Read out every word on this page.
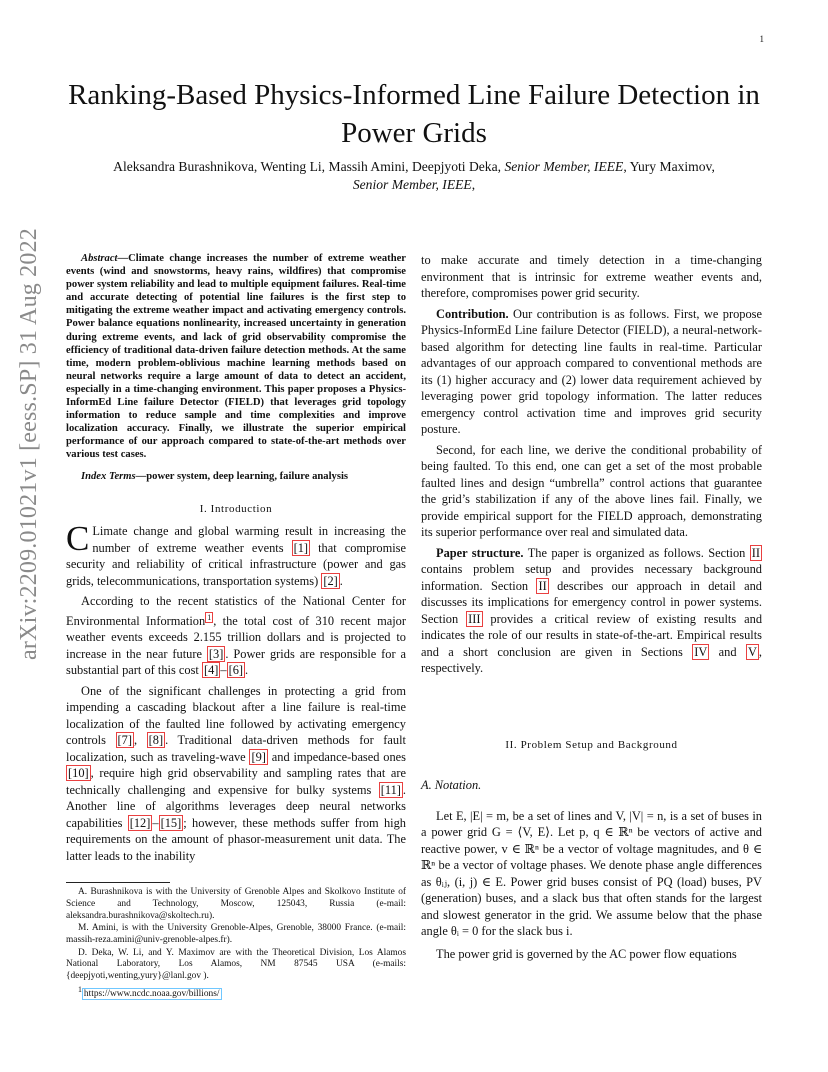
1
arXiv:2209.01021v1 [eess.SP] 31 Aug 2022
Ranking-Based Physics-Informed Line Failure Detection in Power Grids
Aleksandra Burashnikova, Wenting Li, Massih Amini, Deepjyoti Deka, Senior Member, IEEE, Yury Maximov,
Senior Member, IEEE,

Abstract—Climate change increases the number of extreme weather events (wind and snowstorms, heavy rains, wildfires) that compromise power system reliability and lead to multiple equipment failures. Real-time and accurate detecting of potential line failures is the first step to mitigating the extreme weather impact and activating emergency controls. Power balance equations nonlinearity, increased uncertainty in generation during extreme events, and lack of grid observability compromise the efficiency of traditional data-driven failure detection methods. At the same time, modern problem-oblivious machine learning methods based on neural networks require a large amount of data to detect an accident, especially in a time-changing environment. This paper proposes a Physics-InformEd Line failure Detector (FIELD) that leverages grid topology information to reduce sample and time complexities and improve localization accuracy. Finally, we illustrate the superior empirical performance of our approach compared to state-of-the-art methods over various test cases.

Index Terms—power system, deep learning, failure analysis

I. Introduction

C Limate change and global warming result in increasing the number of extreme weather events [1] that compromise security and reliability of critical infrastructure (power and gas grids, telecommunications, transportation systems) [2] .

According to the recent statistics of the National Center for Environmental Information $^1$ , the total cost of 310 recent major weather events exceeds 2.155 trillion dollars and is projected to increase in the near future [3] . Power grids are responsible for a substantial part of this cost [4] – [6] .

One of the significant challenges in protecting a grid from impending a cascading blackout after a line failure is real-time localization of the faulted line followed by activating emergency controls [7] , [8] . Traditional data-driven methods for fault localization, such as traveling-wave [9] and impedance-based ones [10] , require high grid observability and sampling rates that are technically challenging and expensive for bulky systems [11] . Another line of algorithms leverages deep neural networks capabilities [12] – [15] ; however, these methods suffer from high requirements on the amount of phasor-measurement unit data. The latter leads to the inability

A. Burashnikova is with the University of Grenoble Alpes and Skolkovo Institute of Science and Technology, Moscow, 125043, Russia (e-mail: aleksandra.burashnikova@skoltech.ru).

M. Amini, is with the University Grenoble-Alpes, Grenoble, 38000 France. (e-mail: massih-reza.amini@univ-grenoble-alpes.fr).

D. Deka, W. Li, and Y. Maximov are with the Theoretical Division, Los Alamos National Laboratory, Los Alamos, NM 87545 USA (e-mails: {deepjyoti,wenting,yury}@lanl.gov ).

$^1$ https://www.ncdc.noaa.gov/billions/

to make accurate and timely detection in a time-changing environment that is intrinsic for extreme weather events and, therefore, compromises power grid security.

Contribution. Our contribution is as follows. First, we propose Physics-InformEd Line failure Detector (FIELD), a neural-network-based algorithm for detecting line faults in real-time. Particular advantages of our approach compared to conventional methods are its (1) higher accuracy and (2) lower data requirement achieved by leveraging power grid topology information. The latter reduces emergency control activation time and improves grid security posture.

Second, for each line, we derive the conditional probability of being faulted. To this end, one can get a set of the most probable faulted lines and design “umbrella” control actions that guarantee the grid’s stabilization if any of the above lines fail. Finally, we provide empirical support for the FIELD approach, demonstrating its superior performance over real and simulated data.

Paper structure. The paper is organized as follows. Section II contains problem setup and provides necessary background information. Section II describes our approach in detail and discusses its implications for emergency control in power systems. Section III provides a critical review of existing results and indicates the role of our results in state-of-the-art. Empirical results and a short conclusion are given in Sections IV and V , respectively.

II. Problem Setup and Background

A. Notation.

Let E, |E| = m, be a set of lines and V, |V| = n, is a set of buses in a power grid G = ⟨V, E⟩. Let p, q ∈ ℝⁿ be vectors of active and reactive power, v ∈ ℝⁿ be a vector of voltage magnitudes, and θ ∈ ℝⁿ be a vector of voltage phases. We denote phase angle differences as θᵢⱼ, (i, j) ∈ E. Power grid buses consist of PQ (load) buses, PV (generation) buses, and a slack bus that often stands for the largest and slowest generator in the grid. We assume below that the phase angle θᵢ = 0 for the slack bus i.

The power grid is governed by the AC power flow equations
